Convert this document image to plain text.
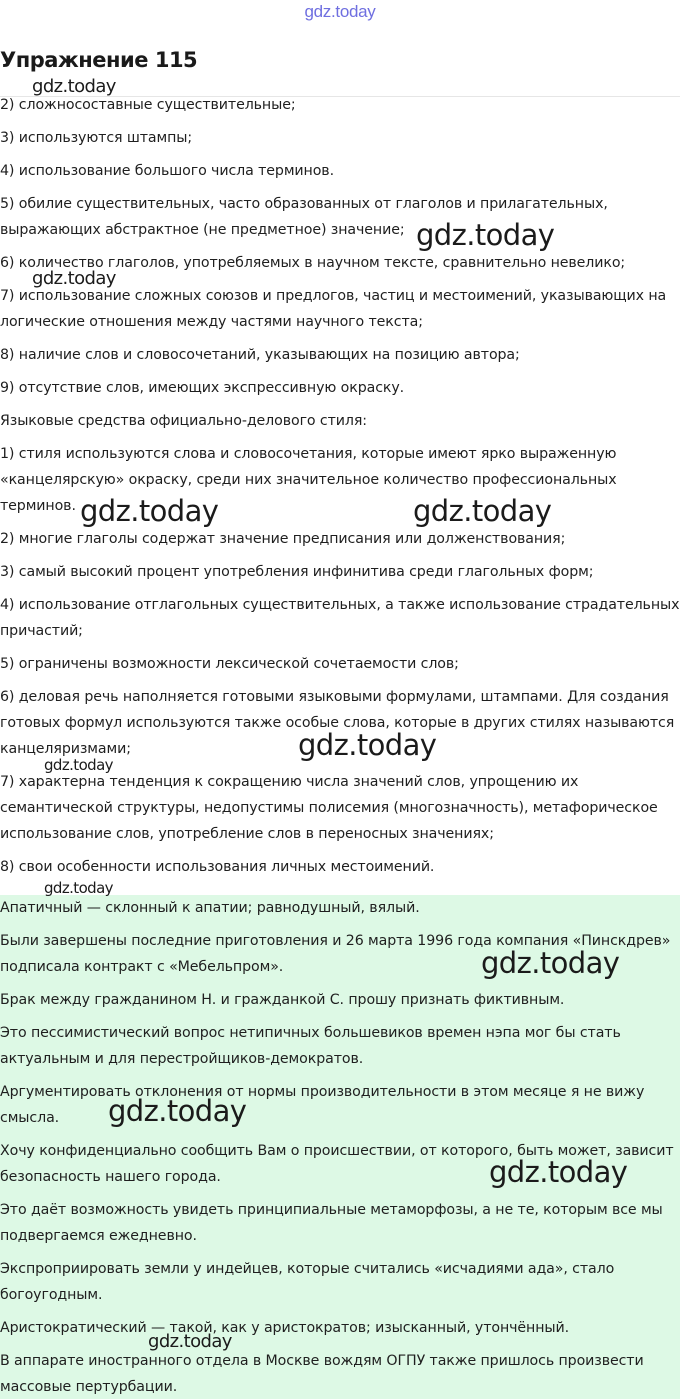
gdz.today
Упражнение 115

2) сложносоставные существительные;

3) используются штампы;

4) использование большого числа терминов.

5) обилие существительных, часто образованных от глаголов и прилагательных, выражающих абстрактное (не предметное) значение;

6) количество глаголов, употребляемых в научном тексте, сравнительно невелико;

7) использование сложных союзов и предлогов, частиц и местоимений, указывающих на логические отношения между частями научного текста;

8) наличие слов и словосочетаний, указывающих на позицию автора;

9) отсутствие слов, имеющих экспрессивную окраску.

Языковые средства официально-делового стиля:

1) стиля используются слова и словосочетания, которые имеют ярко выраженную «канцелярскую» окраску, среди них значительное количество профессиональных терминов.

2) многие глаголы содержат значение предписания или долженствования;

3) самый высокий процент употребления инфинитива среди глагольных форм;

4) использование отглагольных существительных, а также использование страдательных причастий;

5) ограничены возможности лексической сочетаемости слов;

6) деловая речь наполняется готовыми языковыми формулами, штампами. Для создания готовых формул используются также особые слова, которые в других стилях называются канцеляризмами;

7) характерна тенденция к сокращению числа значений слов, упрощению их семантической структуры, недопустимы полисемия (многозначность), метафорическое использование слов, употребление слов в переносных значениях;

8) свои особенности использования личных местоимений.

Апатичный — склонный к апатии; равнодушный, вялый.

Были завершены последние приготовления и 26 марта 1996 года компания «Пинскдрев» подписала контракт с «Мебельпром».

Брак между гражданином Н. и гражданкой С. прошу признать фиктивным.

Это пессимистический вопрос нетипичных большевиков времен нэпа мог бы стать актуальным и для перестройщиков-демократов.

Аргументировать отклонения от нормы производительности в этом месяце я не вижу смысла.

Хочу конфиденциально сообщить Вам о происшествии, от которого, быть может, зависит безопасность нашего города.

Это даёт возможность увидеть принципиальные метаморфозы, а не те, которым все мы подвергаемся ежедневно.

Экспроприировать земли у индейцев, которые считались «исчадиями ада», стало богоугодным.

Аристократический — такой, как у аристократов; изысканный, утончённый.

В аппарате иностранного отдела в Москве вождям ОГПУ также пришлось произвести массовые пертурбации.

gdz.today
gdz.today
gdz.today
gdz.today	gdz.today
gdz.today
gdz.today
gdz.today
gdz.today
gdz.today
gdz.today
gdz.today
